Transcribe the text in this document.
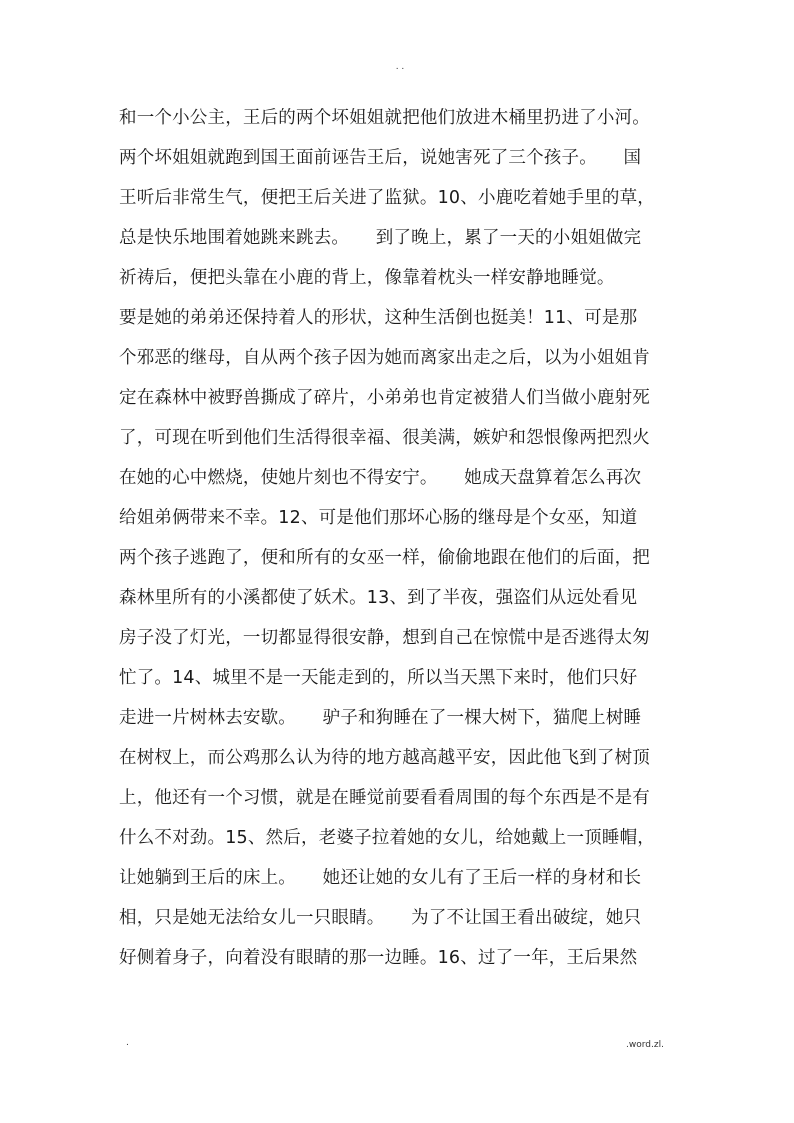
. .
和一个小公主，王后的两个坏姐姐就把他们放进木桶里扔进了小河。
两个坏姐姐就跑到国王面前诬告王后，说她害死了三个孩子。　　国
王听后非常生气，便把王后关进了监狱。10、小鹿吃着她手里的草，
总是快乐地围着她跳来跳去。　　到了晚上，累了一天的小姐姐做完
祈祷后，便把头靠在小鹿的背上，像靠着枕头一样安静地睡觉。
要是她的弟弟还保持着人的形状，这种生活倒也挺美！11、可是那
个邪恶的继母，自从两个孩子因为她而离家出走之后，以为小姐姐肯
定在森林中被野兽撕成了碎片，小弟弟也肯定被猎人们当做小鹿射死
了，可现在听到他们生活得很幸福、很美满，嫉妒和怨恨像两把烈火
在她的心中燃烧，使她片刻也不得安宁。　　她成天盘算着怎么再次
给姐弟俩带来不幸。12、可是他们那坏心肠的继母是个女巫，知道
两个孩子逃跑了，便和所有的女巫一样，偷偷地跟在他们的后面，把
森林里所有的小溪都使了妖术。13、到了半夜，强盗们从远处看见
房子没了灯光，一切都显得很安静，想到自己在惊慌中是否逃得太匆
忙了。14、城里不是一天能走到的，所以当天黑下来时，他们只好
走进一片树林去安歇。　　驴子和狗睡在了一棵大树下，猫爬上树睡
在树杈上，而公鸡那么认为待的地方越高越平安，因此他飞到了树顶
上，他还有一个习惯，就是在睡觉前要看看周围的每个东西是不是有
什么不对劲。15、然后，老婆子拉着她的女儿，给她戴上一顶睡帽，
让她躺到王后的床上。　　她还让她的女儿有了王后一样的身材和长
相，只是她无法给女儿一只眼睛。　　为了不让国王看出破绽，她只
好侧着身子，向着没有眼睛的那一边睡。16、过了一年，王后果然
.	.word.zl.
